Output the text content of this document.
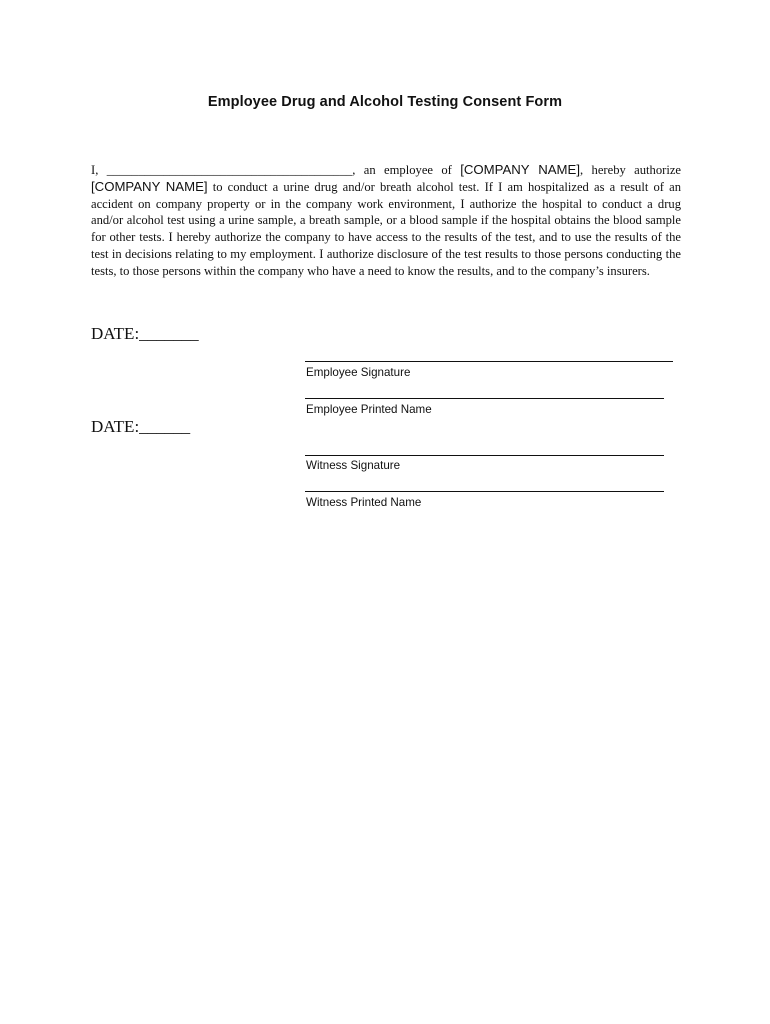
Employee Drug and Alcohol Testing Consent Form
I, _______________________________________, an employee of [COMPANY NAME], hereby authorize [COMPANY NAME] to conduct a urine drug and/or breath alcohol test. If I am hospitalized as a result of an accident on company property or in the company work environment, I authorize the hospital to conduct a drug and/or alcohol test using a urine sample, a breath sample, or a blood sample if the hospital obtains the blood sample for other tests. I hereby authorize the company to have access to the results of the test, and to use the results of the test in decisions relating to my employment. I authorize disclosure of the test results to those persons conducting the tests, to those persons within the company who have a need to know the results, and to the company’s insurers.
DATE:_______
Employee Signature
Employee Printed Name
DATE:______
Witness Signature
Witness Printed Name
